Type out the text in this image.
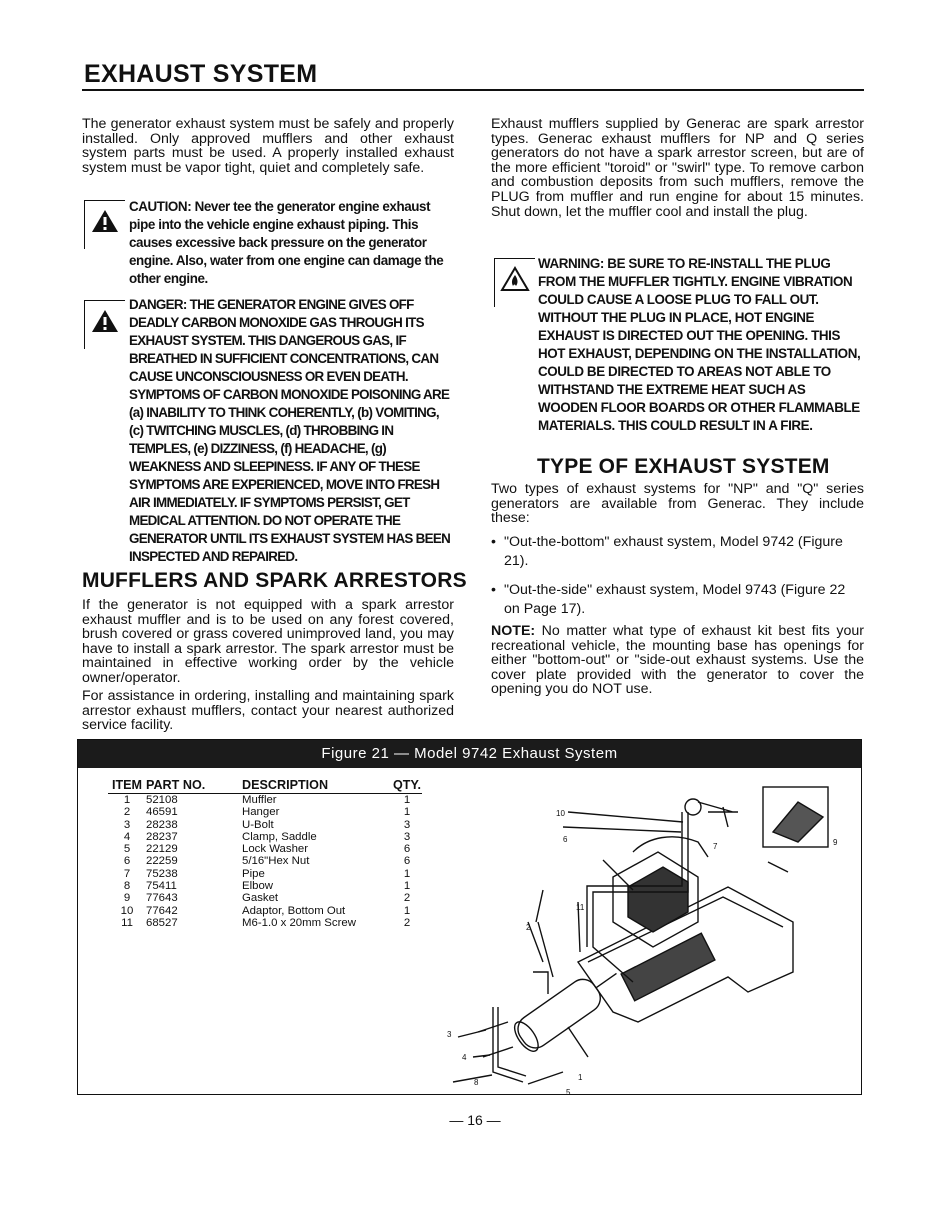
EXHAUST SYSTEM

The generator exhaust system must be safely and properly installed. Only approved mufflers and other exhaust system parts must be used. A properly installed exhaust system must be vapor tight, quiet and completely safe.

CAUTION: Never tee the generator engine exhaust pipe into the vehicle engine exhaust piping. This causes excessive back pressure on the generator engine. Also, water from one engine can damage the other engine.

DANGER: THE GENERATOR ENGINE GIVES OFF DEADLY CARBON MONOXIDE GAS THROUGH ITS EXHAUST SYSTEM. THIS DANGEROUS GAS, IF BREATHED IN SUFFICIENT CONCENTRATIONS, CAN CAUSE UNCONSCIOUSNESS OR EVEN DEATH. SYMPTOMS OF CARBON MONOXIDE POISONING ARE (a) INABILITY TO THINK COHERENTLY, (b) VOMITING, (c) TWITCHING MUSCLES, (d) THROBBING IN TEMPLES, (e) DIZZINESS, (f) HEADACHE, (g) WEAKNESS AND SLEEPINESS. IF ANY OF THESE SYMPTOMS ARE EXPERIENCED, MOVE INTO FRESH AIR IMMEDIATELY. IF SYMPTOMS PERSIST, GET MEDICAL ATTENTION. DO NOT OPERATE THE GENERATOR UNTIL ITS EXHAUST SYSTEM HAS BEEN INSPECTED AND REPAIRED.

MUFFLERS AND SPARK ARRESTORS

If the generator is not equipped with a spark arrestor exhaust muffler and is to be used on any forest covered, brush covered or grass covered unimproved land, you may have to install a spark arrestor. The spark arrestor must be maintained in effective working order by the vehicle owner/operator.

For assistance in ordering, installing and maintaining spark arrestor exhaust mufflers, contact your nearest authorized service facility.

Exhaust mufflers supplied by Generac are spark arrestor types. Generac exhaust mufflers for NP and Q series generators do not have a spark arrestor screen, but are of the more efficient "toroid" or "swirl" type. To remove carbon and combustion deposits from such mufflers, remove the PLUG from muffler and run engine for about 15 minutes. Shut down, let the muffler cool and install the plug.

WARNING: BE SURE TO RE-INSTALL THE PLUG FROM THE MUFFLER TIGHTLY. ENGINE VIBRATION COULD CAUSE A LOOSE PLUG TO FALL OUT. WITHOUT THE PLUG IN PLACE, HOT ENGINE EXHAUST IS DIRECTED OUT THE OPENING. THIS HOT EXHAUST, DEPENDING ON THE INSTALLATION, COULD BE DIRECTED TO AREAS NOT ABLE TO WITHSTAND THE EXTREME HEAT SUCH AS WOODEN FLOOR BOARDS OR OTHER FLAMMABLE MATERIALS. THIS COULD RESULT IN A FIRE.

TYPE OF EXHAUST SYSTEM

Two types of exhaust systems for "NP" and "Q" series generators are available from Generac. They include these:

• "Out-the-bottom" exhaust system, Model 9742 (Figure 21).
• "Out-the-side" exhaust system, Model 9743 (Figure 22 on Page 17).

NOTE: No matter what type of exhaust kit best fits your recreational vehicle, the mounting base has openings for either "bottom-out" or "side-out exhaust systems. Use the cover plate provided with the generator to cover the opening you do NOT use.

Figure 21 — Model 9742 Exhaust System
ITEM	PART NO.	DESCRIPTION	QTY.
1	52108	Muffler	1
2	46591	Hanger	1
3	28238	U-Bolt	3
4	28237	Clamp, Saddle	3
5	22129	Lock Washer	6
6	22259	5/16"Hex Nut	6
7	75238	Pipe	1
8	75411	Elbow	1
9	77643	Gasket	2
10	77642	Adaptor, Bottom Out	1
11	68527	M6-1.0 x 20mm Screw	2
1
2
3
4
5
6
7
8
9
10
11
— 16 —
